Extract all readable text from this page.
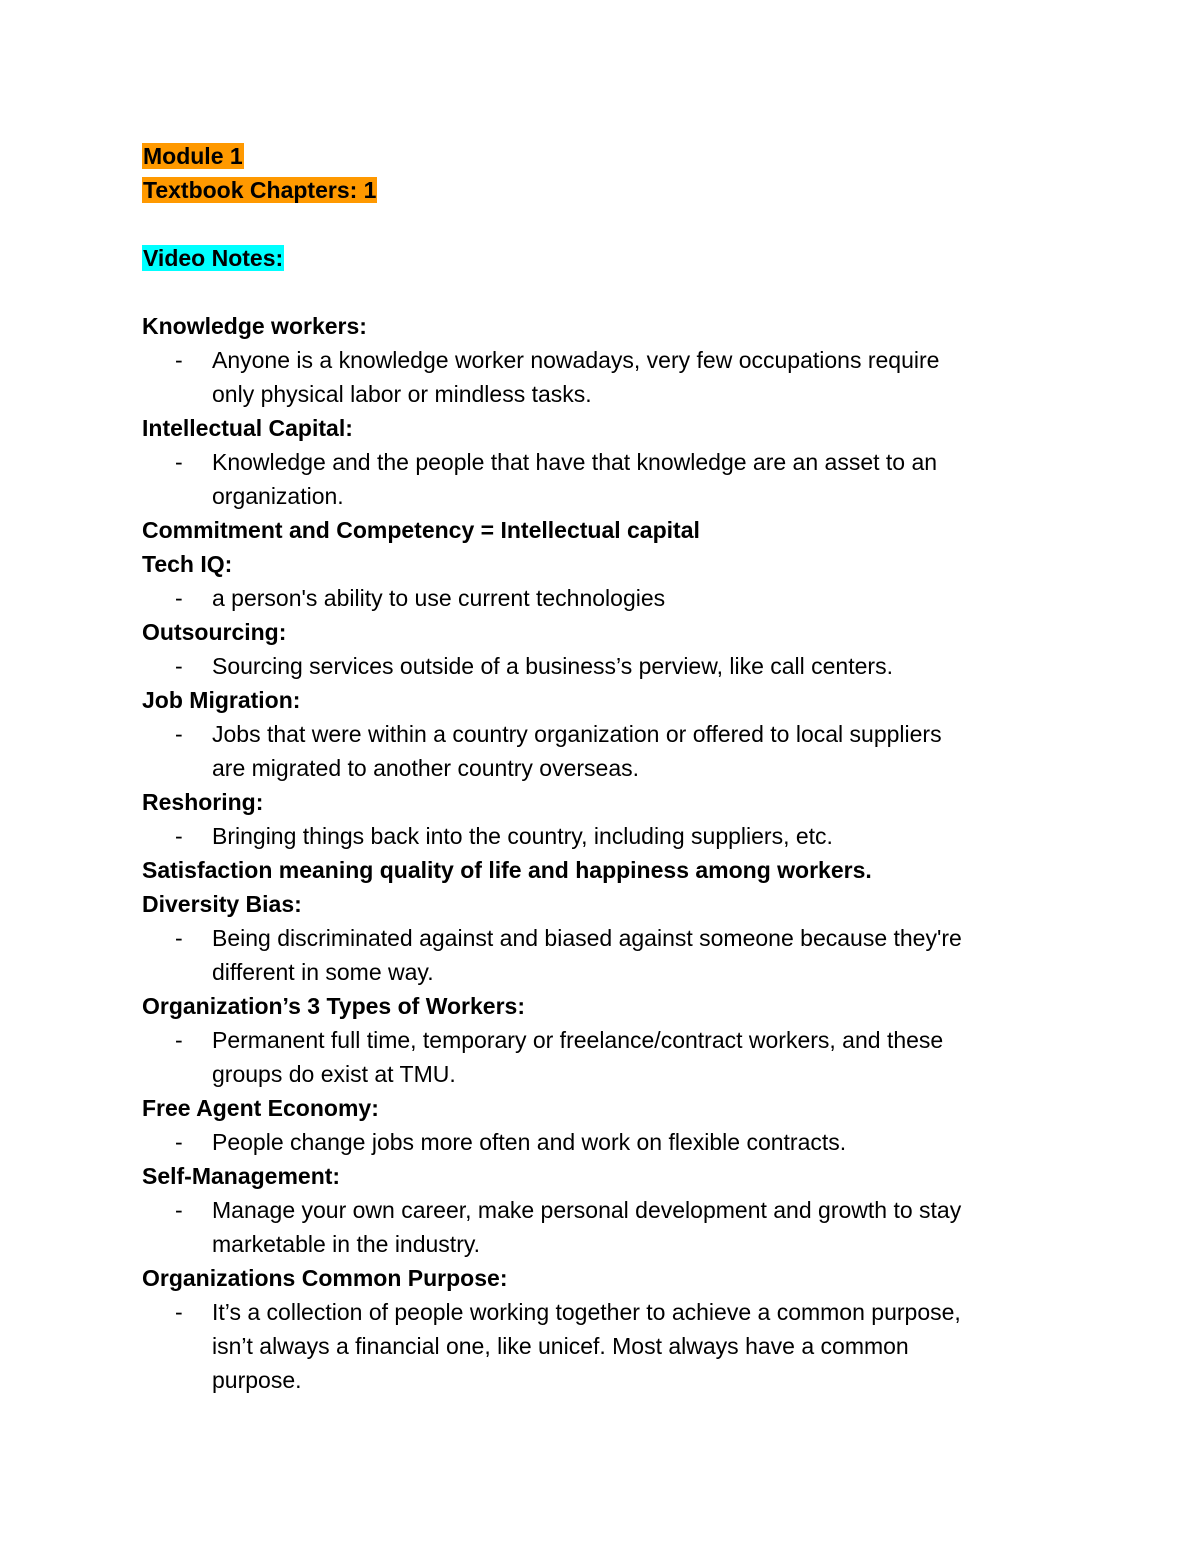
Module 1
Textbook Chapters: 1
Video Notes:
Knowledge workers:
- Anyone is a knowledge worker nowadays, very few occupations require
only physical labor or mindless tasks.
Intellectual Capital:
- Knowledge and the people that have that knowledge are an asset to an
organization.
Commitment and Competency = Intellectual capital
Tech IQ:
- a person's ability to use current technologies
Outsourcing:
- Sourcing services outside of a business’s perview, like call centers.
Job Migration:
- Jobs that were within a country organization or offered to local suppliers
are migrated to another country overseas.
Reshoring:
- Bringing things back into the country, including suppliers, etc.
Satisfaction meaning quality of life and happiness among workers.
Diversity Bias:
- Being discriminated against and biased against someone because they're
different in some way.
Organization’s 3 Types of Workers:
- Permanent full time, temporary or freelance/contract workers, and these
groups do exist at TMU.
Free Agent Economy:
- People change jobs more often and work on flexible contracts.
Self-Management:
- Manage your own career, make personal development and growth to stay
marketable in the industry.
Organizations Common Purpose:
- It’s a collection of people working together to achieve a common purpose,
isn’t always a financial one, like unicef. Most always have a common
purpose.
